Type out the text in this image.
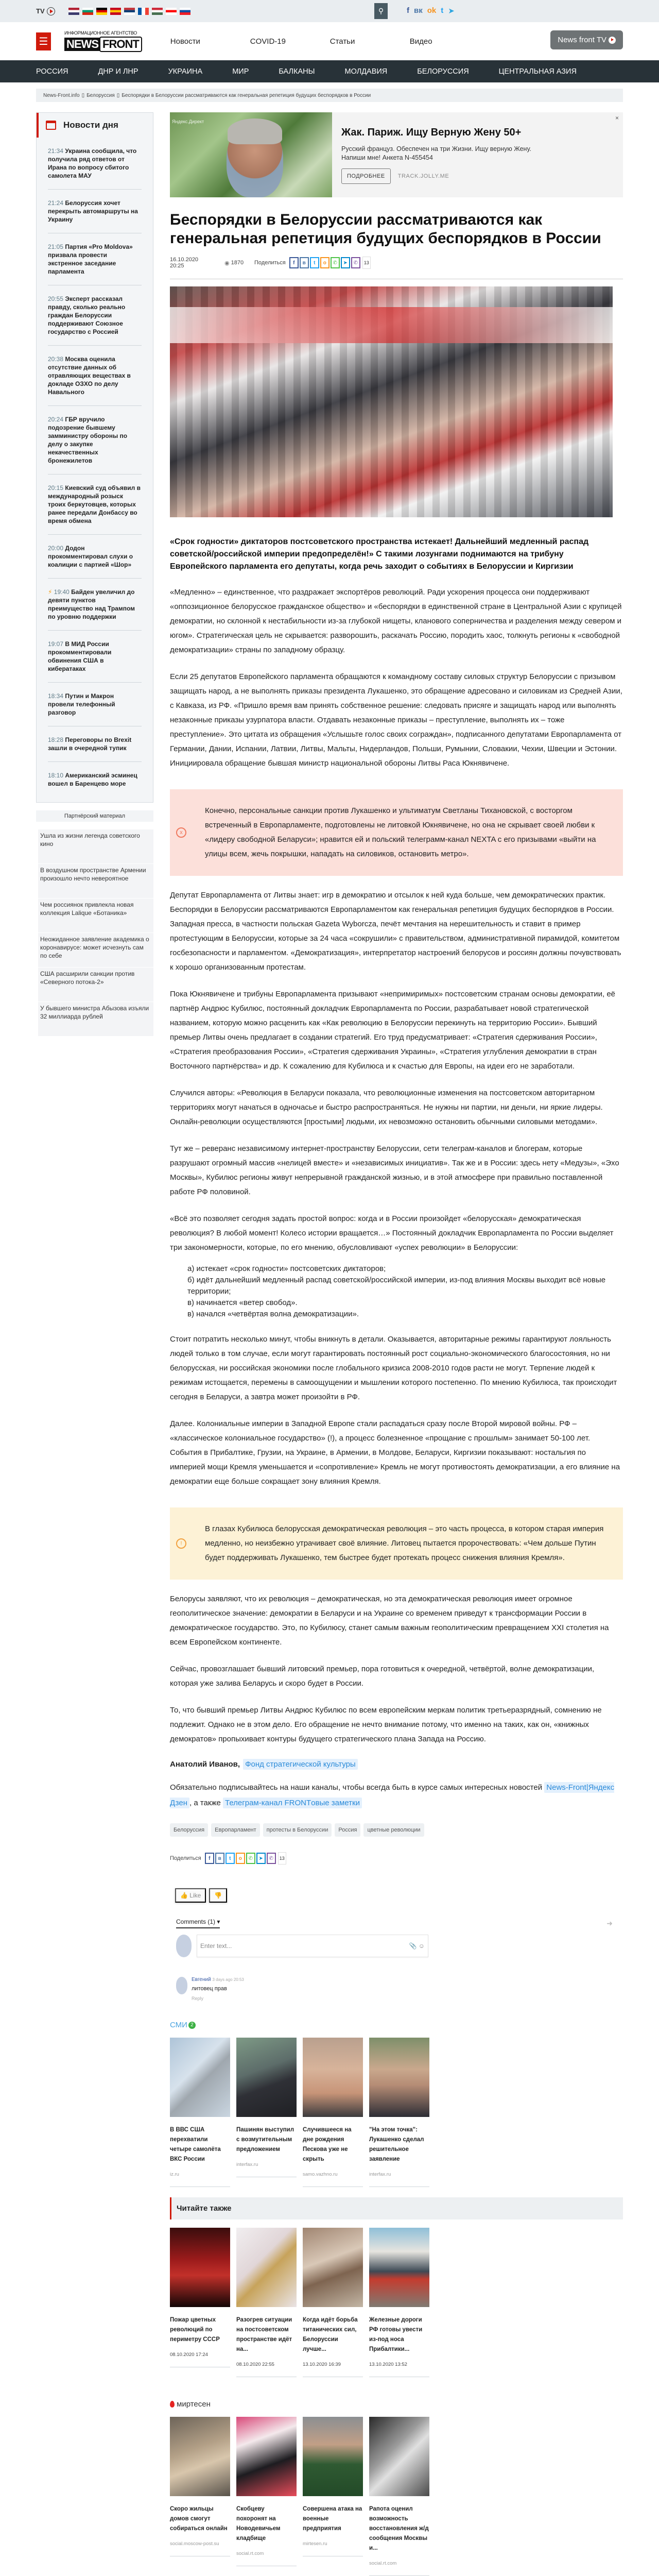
TV	⚲	f вк ok t ➤
☰
ИНФОРМАЦИОННОЕ АГЕНТСТВО
NEWS FRONT	Новости	COVID-19	Статьи	Видео	News front TV
РОССИЯ	ДНР И ЛНР	УКРАИНА	МИР	БАЛКАНЫ	МОЛДАВИЯ	БЕЛОРУССИЯ	ЦЕНТРАЛЬНАЯ АЗИЯ
News-Front.info ▯ Белоруссия ▯ Беспорядки в Белоруссии рассматриваются как генеральная репетиция будущих беспорядков в России
Новости дня
21:34 Украина сообщила, что получила ряд ответов от Ирана по вопросу сбитого самолета МАУ
21:24 Белоруссия хочет перекрыть автомаршруты на Украину
21:05 Партия «Pro Moldova» призвала провести экстренное заседание парламента
20:55 Эксперт рассказал правду, сколько реально граждан Белоруссии поддерживают Союзное государство с Россией
20:38 Москва оценила отсутствие данных об отравляющих веществах в докладе ОЗХО по делу Навального
20:24 ГБР вручило подозрение бывшему замминистру обороны по делу о закупке некачественных бронежилетов
20:15 Киевский суд объявил в международный розыск троих беркутовцев, которых ранее передали Донбассу во время обмена
20:00 Додон прокомментировал слухи о коалиции с партией «Шор»
⚡ 19:40 Байден увеличил до девяти пунктов преимущество над Трампом по уровню поддержки
19:07 В МИД России прокомментировали обвинения США в кибератаках
18:34 Путин и Макрон провели телефонный разговор
18:28 Переговоры по Brexit зашли в очередной тупик
18:10 Американский эсминец вошел в Баренцево море
Партнёрский материал
Ушла из жизни легенда советского кино
В воздушном пространстве Армении произошло нечто невероятное
Чем россиянок привлекла новая коллекция Lalique «Ботаника»
Неожиданное заявление академика о коронавирусе: может исчезнуть сам по себе
США расширили санкции против «Северного потока-2»
У бывшего министра Абызова изъяли 32 миллиарда рублей
Яндекс.Директ
Жак. Париж. Ищу Верную Жену 50+
Русский француз. Обеспечен на три Жизни. Ищу верную Жену. Напиши мне! Анкета N-455454
ПОДРОБНЕЕ	TRACK.JOLLY.ME
×
Беспорядки в Белоруссии рассматриваются как генеральная репетиция будущих беспорядков в России
16.10.2020 20:25	◉ 1870 Поделиться	f	в	t	o	✆	➤	✆	13

«Срок годности» диктаторов постсоветского пространства истекает! Дальнейший медленный распад советской/российской империи предопределён!» С такими лозунгами поднимаются на трибуну Европейского парламента его депутаты, когда речь заходит о событиях в Белоруссии и Киргизии

«Медленно» – единственное, что раздражает экспортёров революций. Ради ускорения процесса они поддерживают «оппозиционное белорусское гражданское общество» и «беспорядки в единственной стране в Центральной Азии с крупицей демократии, но склонной к нестабильности из-за глубокой нищеты, кланового соперничества и разделения между севером и югом». Стратегическая цель не скрывается: разворошить, раскачать Россию, породить хаос, толкнуть регионы к «свободной демократизации» страны по западному образцу.

Если 25 депутатов Европейского парламента обращаются к командному составу силовых структур Белоруссии с призывом защищать народ, а не выполнять приказы президента Лукашенко, это обращение адресовано и силовикам из Средней Азии, с Кавказа, из РФ. «Пришло время вам принять собственное решение: следовать присяге и защищать народ или выполнять незаконные приказы узурпатора власти. Отдавать незаконные приказы – преступление, выполнять их – тоже преступление». Это цитата из обращения «Услышьте голос своих сограждан», подписанного депутатами Европарламента от Германии, Дании, Испании, Латвии, Литвы, Мальты, Нидерландов, Польши, Румынии, Словакии, Чехии, Швеции и Эстонии. Инициировала обращение бывшая министр национальной обороны Литвы Раса Юкнявичене.

x
Конечно, персональные санкции против Лукашенко и ультиматум Светланы Тихановской, с восторгом встреченный в Европарламенте, подготовлены не литовкой Юкнявичене, но она не скрывает своей любви к «лидеру свободной Беларуси»; нравится ей и польский телеграмм-канал NEXTA с его призывами «выйти на улицы всем, жечь покрышки, нападать на силовиков, остановить метро».

Депутат Европарламента от Литвы знает: игр в демократию и отсылок к ней куда больше, чем демократических практик. Беспорядки в Белоруссии рассматриваются Европарламентом как генеральная репетиция будущих беспорядков в России. Западная пресса, в частности польская Gazeta Wyborcza, печёт мечтания на нерешительность и ставит в пример протестующим в Белоруссии, которые за 24 часа «сокрушили» с правительством, административной пирамидой, комитетом госбезопасности и парламентом. «Демократизация», интерпретатор настроений белорусов и россиян должны почувствовать к хорошо организованным протестам.

Пока Юкнявичене и трибуны Европарламента призывают «непримиримых» постсоветским странам основы демократии, её партнёр Андрюс Кубилюс, постоянный докладчик Европарламента по России, разрабатывает новой стратегической названием, которую можно расценить как «Как революцию в Белоруссии перекинуть на территорию России». Бывший премьер Литвы очень предлагает в создании стратегий. Его труд предусматривает: «Стратегия сдерживания России», «Стратегия преобразования России», «Стратегия сдерживания Украины», «Стратегия углубления демократии в стран Восточного партнёрства» и др. К сожалению для Кубилюса и к счастью для Европы, на идеи его не заработали.

Случился авторы: «Революция в Беларуси показала, что революционные изменения на постсоветском авторитарном территориях могут начаться в одночасье и быстро распространяться. Не нужны ни партии, ни деньги, ни яркие лидеры. Онлайн-революции осуществляются [простыми] людьми, их невозможно остановить обычными силовыми методами».

Тут же – реверанс независимому интернет-пространству Белоруссии, сети телеграм-каналов и блогерам, которые разрушают огромный массив «нелицей вместе» и «независимых инициатив». Так же и в России: здесь нету «Медузы», «Эхо Москвы», Кубилюс регионы живут непрерывной гражданской жизнью, и в этой атмосфере при правильно поставленной работе РФ половиной.

«Всё это позволяет сегодня задать простой вопрос: когда и в России произойдет «белорусская» демократическая революция? В любой момент! Колесо истории вращается…» Постоянный докладчик Европарламента по России выделяет три закономерности, которые, по его мнению, обусловливают «успех революции» в Белоруссии:

а) истекает «срок годности» постсоветских диктаторов;
б) идёт дальнейший медленный распад советской/российской империи, из-под влияния Москвы выходит всё новые территории;
в) начинается «ветер свобод».
в) начался «четвёртая волна демократизации».

Стоит потратить несколько минут, чтобы вникнуть в детали. Оказывается, авторитарные режимы гарантируют лояльность людей только в том случае, если могут гарантировать постоянный рост социально-экономического благосостояния, но ни белорусская, ни российская экономики после глобального кризиса 2008-2010 годов расти не могут. Терпение людей к режимам истощается, перемены в самоощущении и мышлении которого постепенно. По мнению Кубилюса, так происходит сегодня в Беларуси, а завтра может произойти в РФ.

Далее. Колониальные империи в Западной Европе стали распадаться сразу после Второй мировой войны. РФ – «классическое колониальное государство» (!), а процесс болезненное «прощание с прошлым» занимает 50-100 лет. События в Прибалтике, Грузии, на Украине, в Армении, в Молдове, Беларуси, Киргизии показывают: ностальгия по империей мощи Кремля уменьшается и «сопротивление» Кремль не могут противостоять демократизации, а его влияние на демократии еще больше сокращает зону влияния Кремля.

!
В глазах Кубилюса белорусская демократическая революция – это часть процесса, в котором старая империя медленно, но неизбежно утрачивает своё влияние. Литовец пытается пророчествовать: «Чем дольше Путин будет поддерживать Лукашенко, тем быстрее будет протекать процесс снижения влияния Кремля».

Белорусы заявляют, что их революция – демократическая, но эта демократическая революция имеет огромное геополитическое значение: демократии в Беларуси и на Украине со временем приведут к трансформации России в демократическое государство. Это, по Кубилюсу, станет самым важным геополитическим превращением XXI столетия на всем Европейском континенте.

Сейчас, провозглашает бывший литовский премьер, пора готовиться к очередной, четвёртой, волне демократизации, которая уже залива Беларусь и скоро будет в России.

То, что бывший премьер Литвы Андрюс Кубилюс по всем европейским меркам политик третьеразрядный, сомнению не подлежит. Однако не в этом дело. Его обращение не нечто внимание потому, что именно на таких, как он, «книжных демократов» пропыхивает контуры будущего стратегического плана Запада на Россию.

Анатолий Иванов, Фонд стратегической культуры

Обязательно подписывайтесь на наши каналы, чтобы всегда быть в курсе самых интересных новостей News-Front|Яндекс Дзен , а также Телеграм-канал FRONTовые заметки

Белоруссия	Европарламент	протесты в Белоруссии	Россия	цветные революции
Поделиться	f	в	t	o	✆	➤	✆	13
👍 Like	👎
Comments (1) ▾	➜
Enter text...	📎 ☺
Евгений 3 days ago 20:53
литовец прав
Reply
СМИ 2
В ВВС США перехватили четыре самолёта ВКС России
iz.ru
Пашинян выступил с возмутительным предложением
interfax.ru
Случившееся на дне рождения Пескова уже не скрыть
samo.vazhno.ru
"На этом точка": Лукашенко сделал решительное заявление
interfax.ru
Читайте также
Пожар цветных революций по периметру СССР
08.10.2020 17:24
Разогрев ситуации на постсоветском пространстве идёт на...
08.10.2020 22:55
Когда идёт борьба титанических сил, Белоруссии лучше...
13.10.2020 16:39
Железные дороги РФ готовы увести из-под носа Прибалтики...
13.10.2020 13:52
миртесен
Скоро жильцы домов смогут собираться онлайн
social.moscow-post.su
Скобцеву похоронят на Новодевичьем кладбище
social.rt.com
Совершена атака на военные предприятия
mirtesen.ru
Рапота оценил возможность восстановления ж/д сообщения Москвы и...
social.rt.com
